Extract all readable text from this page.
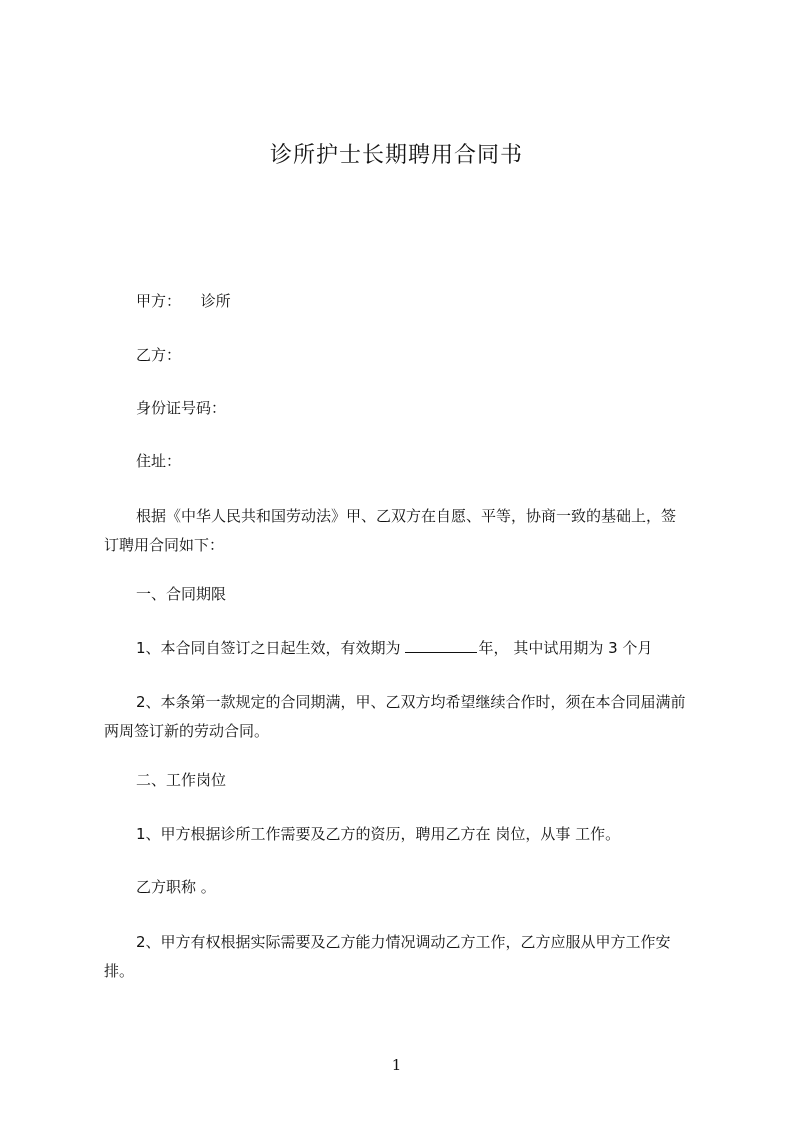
诊所护士长期聘用合同书

甲方： 诊所

乙方：

身份证号码：

住址：

根据《中华人民共和国劳动法》甲、乙双方在自愿、平等，协商一致的基础上，签订聘用合同如下：

一、合同期限

1、本合同自签订之日起生效，有效期为	年， 其中试用期为 3 个月

2、本条第一款规定的合同期满，甲、乙双方均希望继续合作时，须在本合同届满前两周签订新的劳动合同。

二、工作岗位

1、甲方根据诊所工作需要及乙方的资历，聘用乙方在 岗位，从事 工作。

乙方职称 。

2、甲方有权根据实际需要及乙方能力情况调动乙方工作，乙方应服从甲方工作安排。

1
